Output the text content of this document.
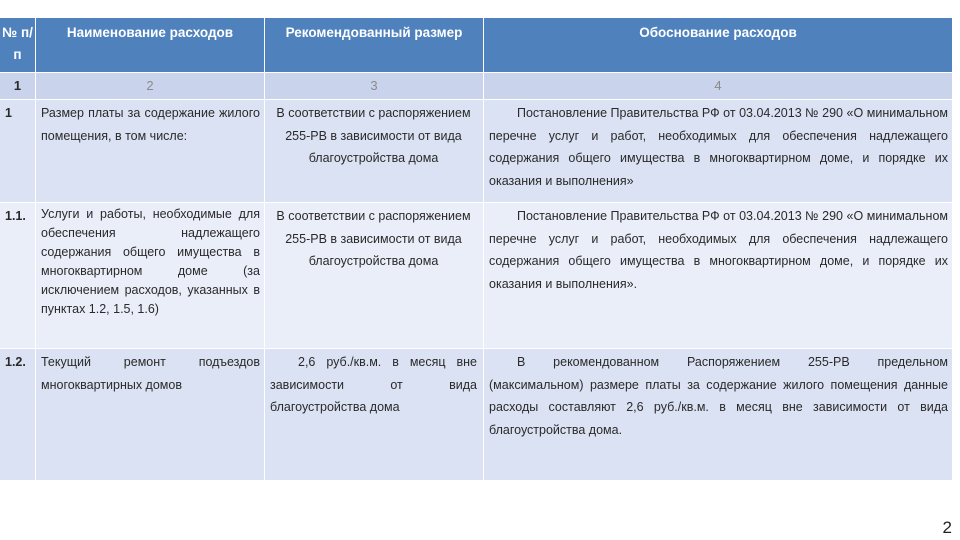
№ п/п	Наименование расходов	Рекомендованный размер	Обоснование расходов
1	2	3	4
1	Размер платы за содержание жилого помещения, в том числе:	В соответствии с распоряжением 255-РВ в зависимости от вида благоустройства дома	Постановление Правительства РФ от 03.04.2013 № 290 «О минимальном перечне услуг и работ, необходимых для обеспечения надлежащего содержания общего имущества в многоквартирном доме, и порядке их оказания и выполнения»
1.1.	Услуги и работы, необходимые для обеспечения надлежащего содержания общего имущества в многоквартирном доме (за исключением расходов, указанных в пунктах 1.2, 1.5, 1.6)	В соответствии с распоряжением 255-РВ в зависимости от вида благоустройства дома	Постановление Правительства РФ от 03.04.2013 № 290 «О минимальном перечне услуг и работ, необходимых для обеспечения надлежащего содержания общего имущества в многоквартирном доме, и порядке их оказания и выполнения».
1.2.	Текущий ремонт подъездов многоквартирных домов	2,6 руб./кв.м. в месяц вне зависимости от вида благоустройства дома	В рекомендованном Распоряжением 255-РВ предельном (максимальном) размере платы за содержание жилого помещения данные расходы составляют 2,6 руб./кв.м. в месяц вне зависимости от вида благоустройства дома.
2
